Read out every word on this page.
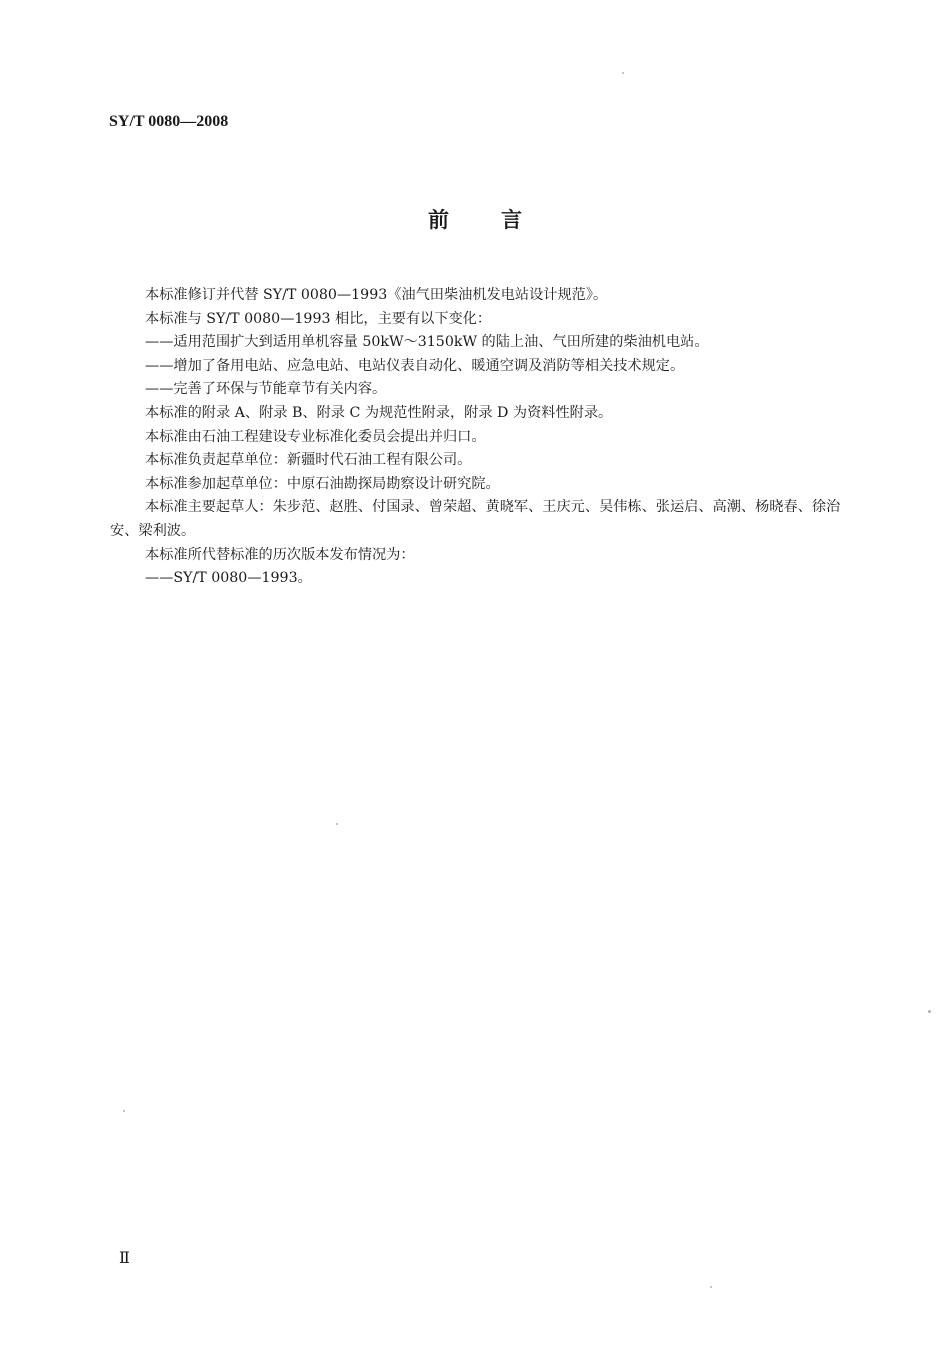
SY/T 0080—2008
前 言

本标准修订并代替 SY/T 0080—1993《油气田柴油机发电站设计规范》。

本标准与 SY/T 0080—1993 相比，主要有以下变化：

——适用范围扩大到适用单机容量 50kW～3150kW 的陆上油、气田所建的柴油机电站。

——增加了备用电站、应急电站、电站仪表自动化、暖通空调及消防等相关技术规定。

——完善了环保与节能章节有关内容。

本标准的附录 A、附录 B、附录 C 为规范性附录，附录 D 为资料性附录。

本标准由石油工程建设专业标准化委员会提出并归口。

本标准负责起草单位：新疆时代石油工程有限公司。

本标准参加起草单位：中原石油勘探局勘察设计研究院。

本标准主要起草人：朱步范、赵胜、付国录、曾荣超、黄晓军、王庆元、吴伟栋、张运启、高潮、杨晓春、徐治安、梁利波。

本标准所代替标准的历次版本发布情况为：

——SY/T 0080—1993。

Ⅱ
